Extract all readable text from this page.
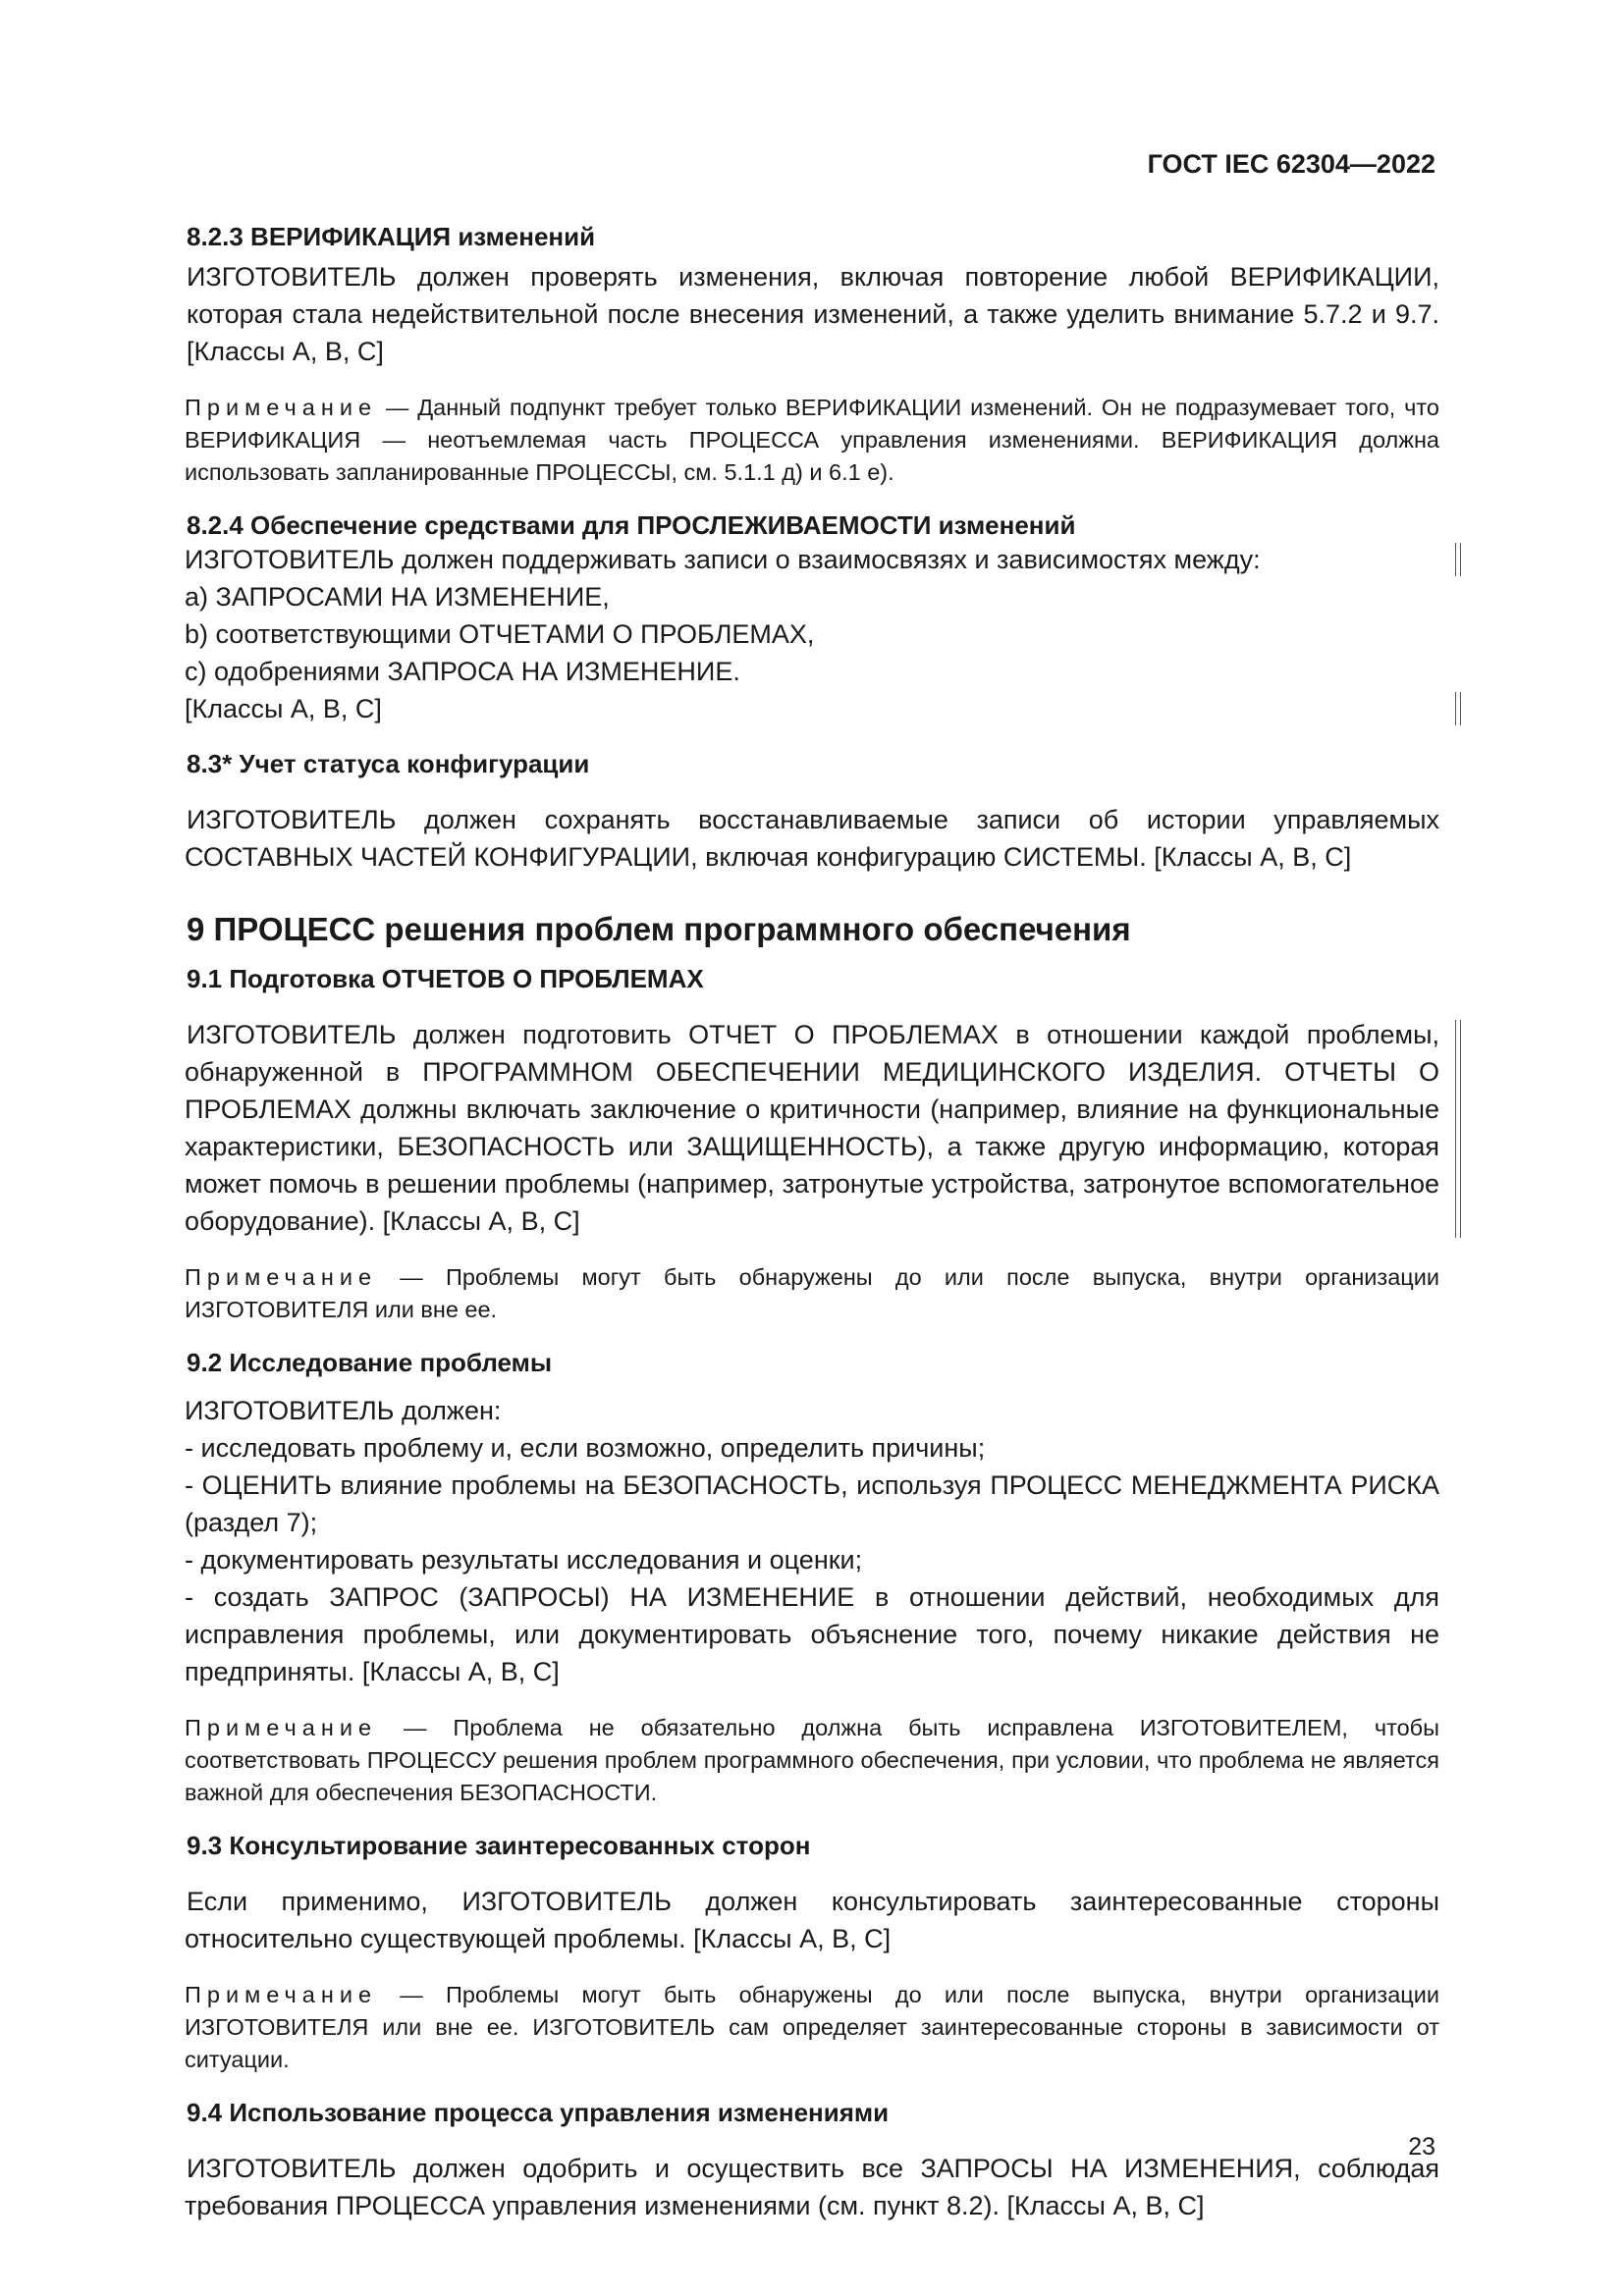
ГОСТ IEC 62304—2022
8.2.3 ВЕРИФИКАЦИЯ изменений
ИЗГОТОВИТЕЛЬ должен проверять изменения, включая повторение любой ВЕРИФИКАЦИИ, которая стала недействительной после внесения изменений, а также уделить внимание 5.7.2 и 9.7. [Классы А, В, С]
Примечание — Данный подпункт требует только ВЕРИФИКАЦИИ изменений. Он не подразумевает того, что ВЕРИФИКАЦИЯ — неотъемлемая часть ПРОЦЕССА управления изменениями. ВЕРИФИКАЦИЯ должна использовать запланированные ПРОЦЕССЫ, см. 5.1.1 д) и 6.1 е).
8.2.4 Обеспечение средствами для ПРОСЛЕЖИВАЕМОСТИ изменений
ИЗГОТОВИТЕЛЬ должен поддерживать записи о взаимосвязях и зависимостях между:
a) ЗАПРОСАМИ НА ИЗМЕНЕНИЕ,
b) соответствующими ОТЧЕТАМИ О ПРОБЛЕМАХ,
c) одобрениями ЗАПРОСА НА ИЗМЕНЕНИЕ.
[Классы А, В, С]
8.3* Учет статуса конфигурации
ИЗГОТОВИТЕЛЬ должен сохранять восстанавливаемые записи об истории управляемых СОСТАВНЫХ ЧАСТЕЙ КОНФИГУРАЦИИ, включая конфигурацию СИСТЕМЫ. [Классы А, В, С]
9 ПРОЦЕСС решения проблем программного обеспечения
9.1 Подготовка ОТЧЕТОВ О ПРОБЛЕМАХ
ИЗГОТОВИТЕЛЬ должен подготовить ОТЧЕТ О ПРОБЛЕМАХ в отношении каждой проблемы, обнаруженной в ПРОГРАММНОМ ОБЕСПЕЧЕНИИ МЕДИЦИНСКОГО ИЗДЕЛИЯ. ОТЧЕТЫ О ПРОБЛЕМАХ должны включать заключение о критичности (например, влияние на функциональные характеристики, БЕЗОПАСНОСТЬ или ЗАЩИЩЕННОСТЬ), а также другую информацию, которая может помочь в решении проблемы (например, затронутые устройства, затронутое вспомогательное оборудование). [Классы А, В, С]
Примечание — Проблемы могут быть обнаружены до или после выпуска, внутри организации ИЗГОТОВИТЕЛЯ или вне ее.
9.2 Исследование проблемы
ИЗГОТОВИТЕЛЬ должен:
- исследовать проблему и, если возможно, определить причины;
- ОЦЕНИТЬ влияние проблемы на БЕЗОПАСНОСТЬ, используя ПРОЦЕСС МЕНЕДЖМЕНТА РИСКА (раздел 7);
- документировать результаты исследования и оценки;
- создать ЗАПРОС (ЗАПРОСЫ) НА ИЗМЕНЕНИЕ в отношении действий, необходимых для исправления проблемы, или документировать объяснение того, почему никакие действия не предприняты. [Классы А, В, С]
Примечание — Проблема не обязательно должна быть исправлена ИЗГОТОВИТЕЛЕМ, чтобы соответствовать ПРОЦЕССУ решения проблем программного обеспечения, при условии, что проблема не является важной для обеспечения БЕЗОПАСНОСТИ.
9.3 Консультирование заинтересованных сторон
Если применимо, ИЗГОТОВИТЕЛЬ должен консультировать заинтересованные стороны относительно существующей проблемы. [Классы А, В, С]
Примечание — Проблемы могут быть обнаружены до или после выпуска, внутри организации ИЗГОТОВИТЕЛЯ или вне ее. ИЗГОТОВИТЕЛЬ сам определяет заинтересованные стороны в зависимости от ситуации.
9.4 Использование процесса управления изменениями
ИЗГОТОВИТЕЛЬ должен одобрить и осуществить все ЗАПРОСЫ НА ИЗМЕНЕНИЯ, соблюдая требования ПРОЦЕССА управления изменениями (см. пункт 8.2). [Классы А, В, С]
23
